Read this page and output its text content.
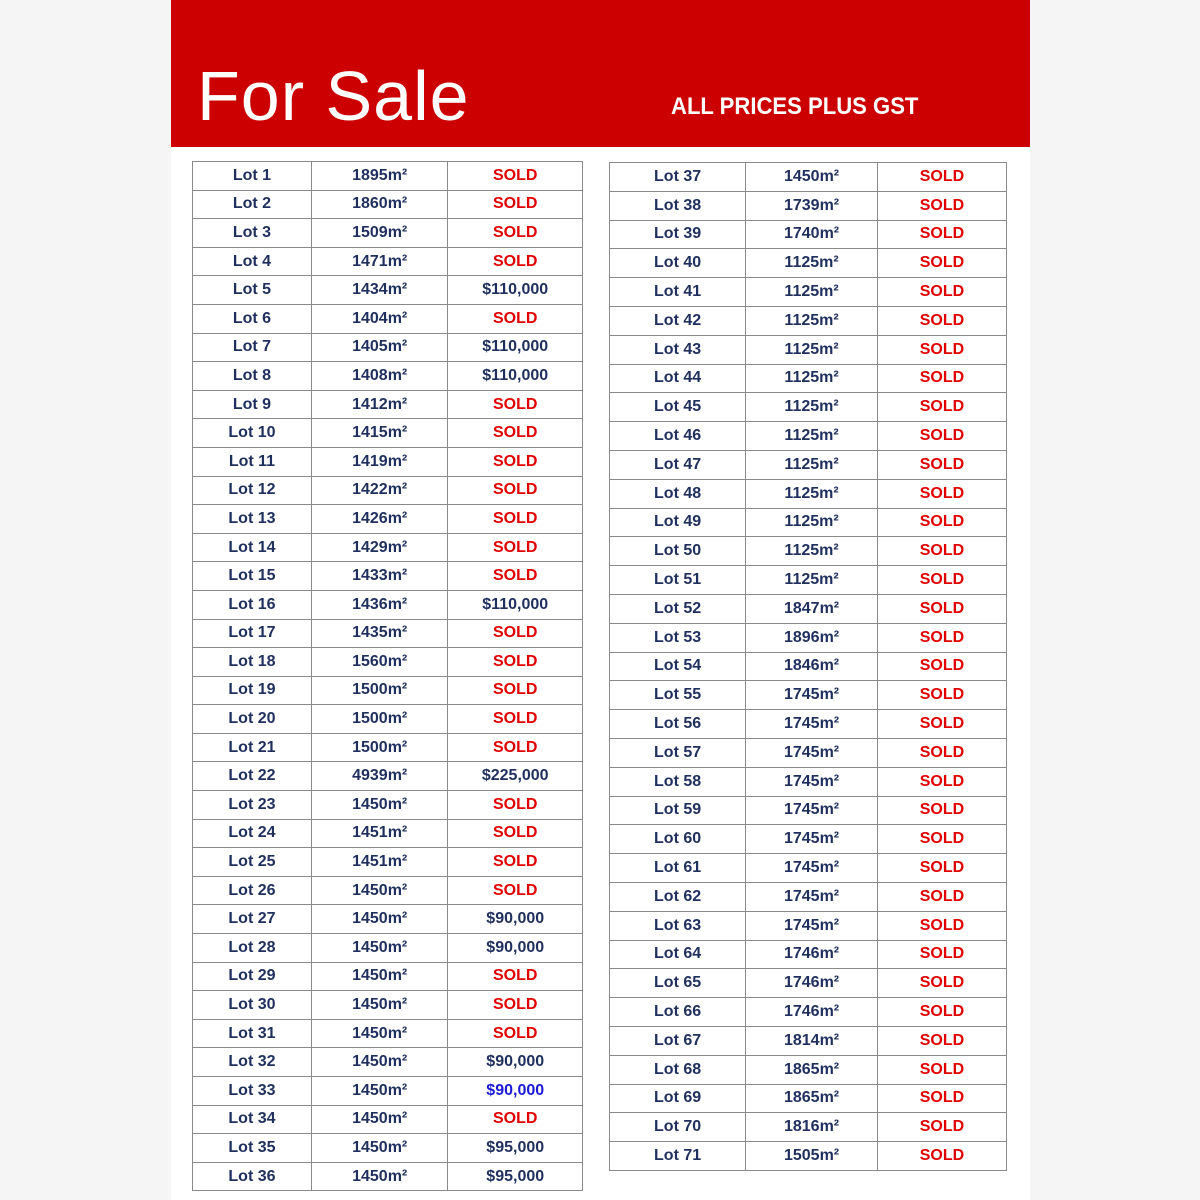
For Sale	ALL PRICES PLUS GST
Lot 1	1895m²	SOLD
Lot 2	1860m²	SOLD
Lot 3	1509m²	SOLD
Lot 4	1471m²	SOLD
Lot 5	1434m²	$110,000
Lot 6	1404m²	SOLD
Lot 7	1405m²	$110,000
Lot 8	1408m²	$110,000
Lot 9	1412m²	SOLD
Lot 10	1415m²	SOLD
Lot 11	1419m²	SOLD
Lot 12	1422m²	SOLD
Lot 13	1426m²	SOLD
Lot 14	1429m²	SOLD
Lot 15	1433m²	SOLD
Lot 16	1436m²	$110,000
Lot 17	1435m²	SOLD
Lot 18	1560m²	SOLD
Lot 19	1500m²	SOLD
Lot 20	1500m²	SOLD
Lot 21	1500m²	SOLD
Lot 22	4939m²	$225,000
Lot 23	1450m²	SOLD
Lot 24	1451m²	SOLD
Lot 25	1451m²	SOLD
Lot 26	1450m²	SOLD
Lot 27	1450m²	$90,000
Lot 28	1450m²	$90,000
Lot 29	1450m²	SOLD
Lot 30	1450m²	SOLD
Lot 31	1450m²	SOLD
Lot 32	1450m²	$90,000
Lot 33	1450m²	$90,000
Lot 34	1450m²	SOLD
Lot 35	1450m²	$95,000
Lot 36	1450m²	$95,000
Lot 37	1450m²	SOLD
Lot 38	1739m²	SOLD
Lot 39	1740m²	SOLD
Lot 40	1125m²	SOLD
Lot 41	1125m²	SOLD
Lot 42	1125m²	SOLD
Lot 43	1125m²	SOLD
Lot 44	1125m²	SOLD
Lot 45	1125m²	SOLD
Lot 46	1125m²	SOLD
Lot 47	1125m²	SOLD
Lot 48	1125m²	SOLD
Lot 49	1125m²	SOLD
Lot 50	1125m²	SOLD
Lot 51	1125m²	SOLD
Lot 52	1847m²	SOLD
Lot 53	1896m²	SOLD
Lot 54	1846m²	SOLD
Lot 55	1745m²	SOLD
Lot 56	1745m²	SOLD
Lot 57	1745m²	SOLD
Lot 58	1745m²	SOLD
Lot 59	1745m²	SOLD
Lot 60	1745m²	SOLD
Lot 61	1745m²	SOLD
Lot 62	1745m²	SOLD
Lot 63	1745m²	SOLD
Lot 64	1746m²	SOLD
Lot 65	1746m²	SOLD
Lot 66	1746m²	SOLD
Lot 67	1814m²	SOLD
Lot 68	1865m²	SOLD
Lot 69	1865m²	SOLD
Lot 70	1816m²	SOLD
Lot 71	1505m²	SOLD
